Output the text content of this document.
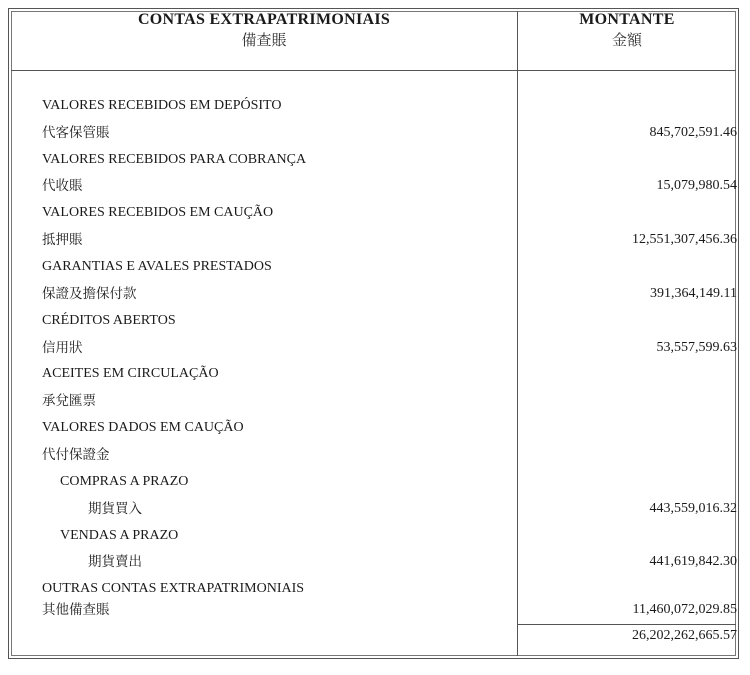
CONTAS EXTRAPATRIMONIAIS
備查賬
MONTANTE
金額
VALORES RECEBIDOS EM DEPÓSITO
代客保管賬	845,702,591.46
VALORES RECEBIDOS PARA COBRANÇA
代收賬	15,079,980.54
VALORES RECEBIDOS EM CAUÇÃO
抵押賬	12,551,307,456.36
GARANTIAS E AVALES PRESTADOS
保證及擔保付款	391,364,149.11
CRÉDITOS ABERTOS
信用狀	53,557,599.63
ACEITES EM CIRCULAÇÃO
承兌匯票
VALORES DADOS EM CAUÇÃO
代付保證金
COMPRAS A PRAZO
期貨買入	443,559,016.32
VENDAS A PRAZO
期貨賣出	441,619,842.30
OUTRAS CONTAS EXTRAPATRIMONIAIS
其他備查賬	11,460,072,029.85
26,202,262,665.57
